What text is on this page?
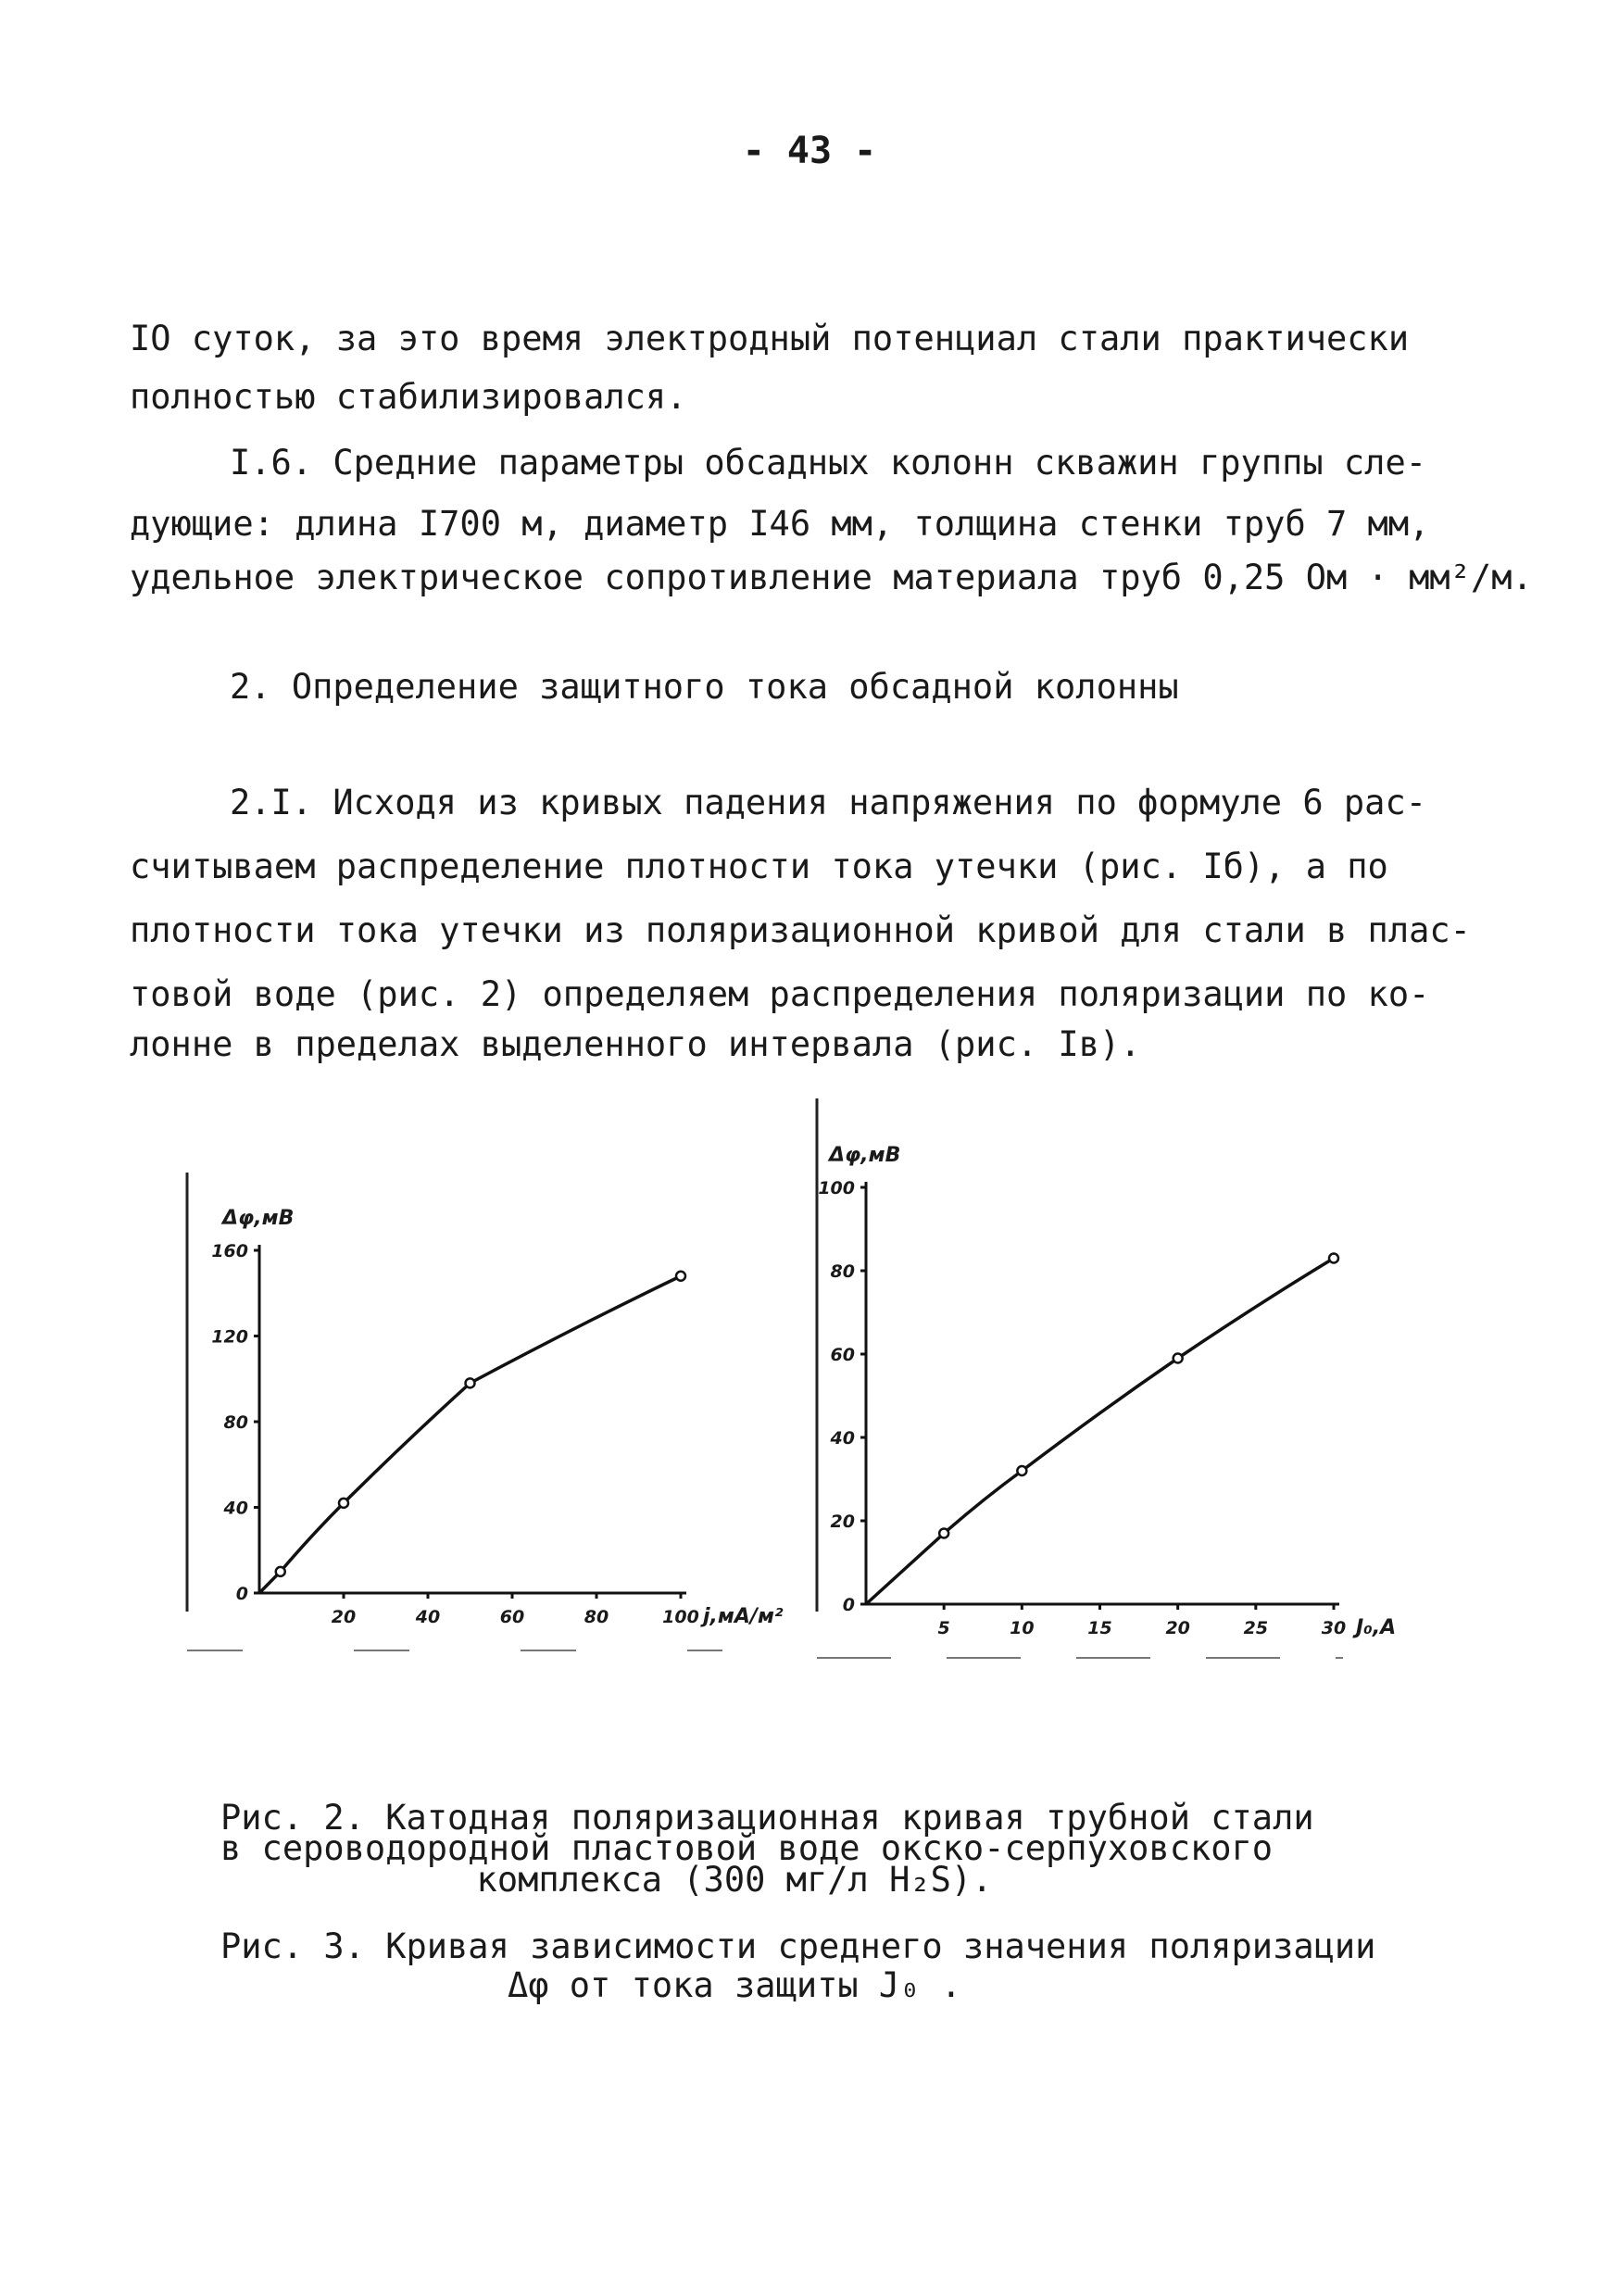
- 43 -
IO суток, за это время электродный потенциал стали практически
полностью стабилизировался.
I.6. Средние параметры обсадных колонн скважин группы сле-
дующие: длина I700 м, диаметр I46 мм, толщина стенки труб 7 мм,
удельное электрическое сопротивление материала труб 0,25 Ом · мм²/м.
2. Определение защитного тока обсадной колонны
2.I. Исходя из кривых падения напряжения по формуле 6 рас-
считываем распределение плотности тока утечки (рис. Iб), а по
плотности тока утечки из поляризационной кривой для стали в плас-
товой воде (рис. 2) определяем распределения поляризации по ко-
лонне в пределах выделенного интервала (рис. Iв).
0
40
80
120
160
20	40	60	80	100
Δφ,мВ
j,мА/м²	0
20
40
60
80
100
5	10	15	20	25	30
Δφ,мВ
J₀,А
Рис. 2. Катодная поляризационная кривая трубной стали
в сероводородной пластовой воде окско-серпуховского
комплекса (300 мг/л H₂S).
Рис. 3. Кривая зависимости среднего значения поляризации
Δφ от тока защиты J₀ .
